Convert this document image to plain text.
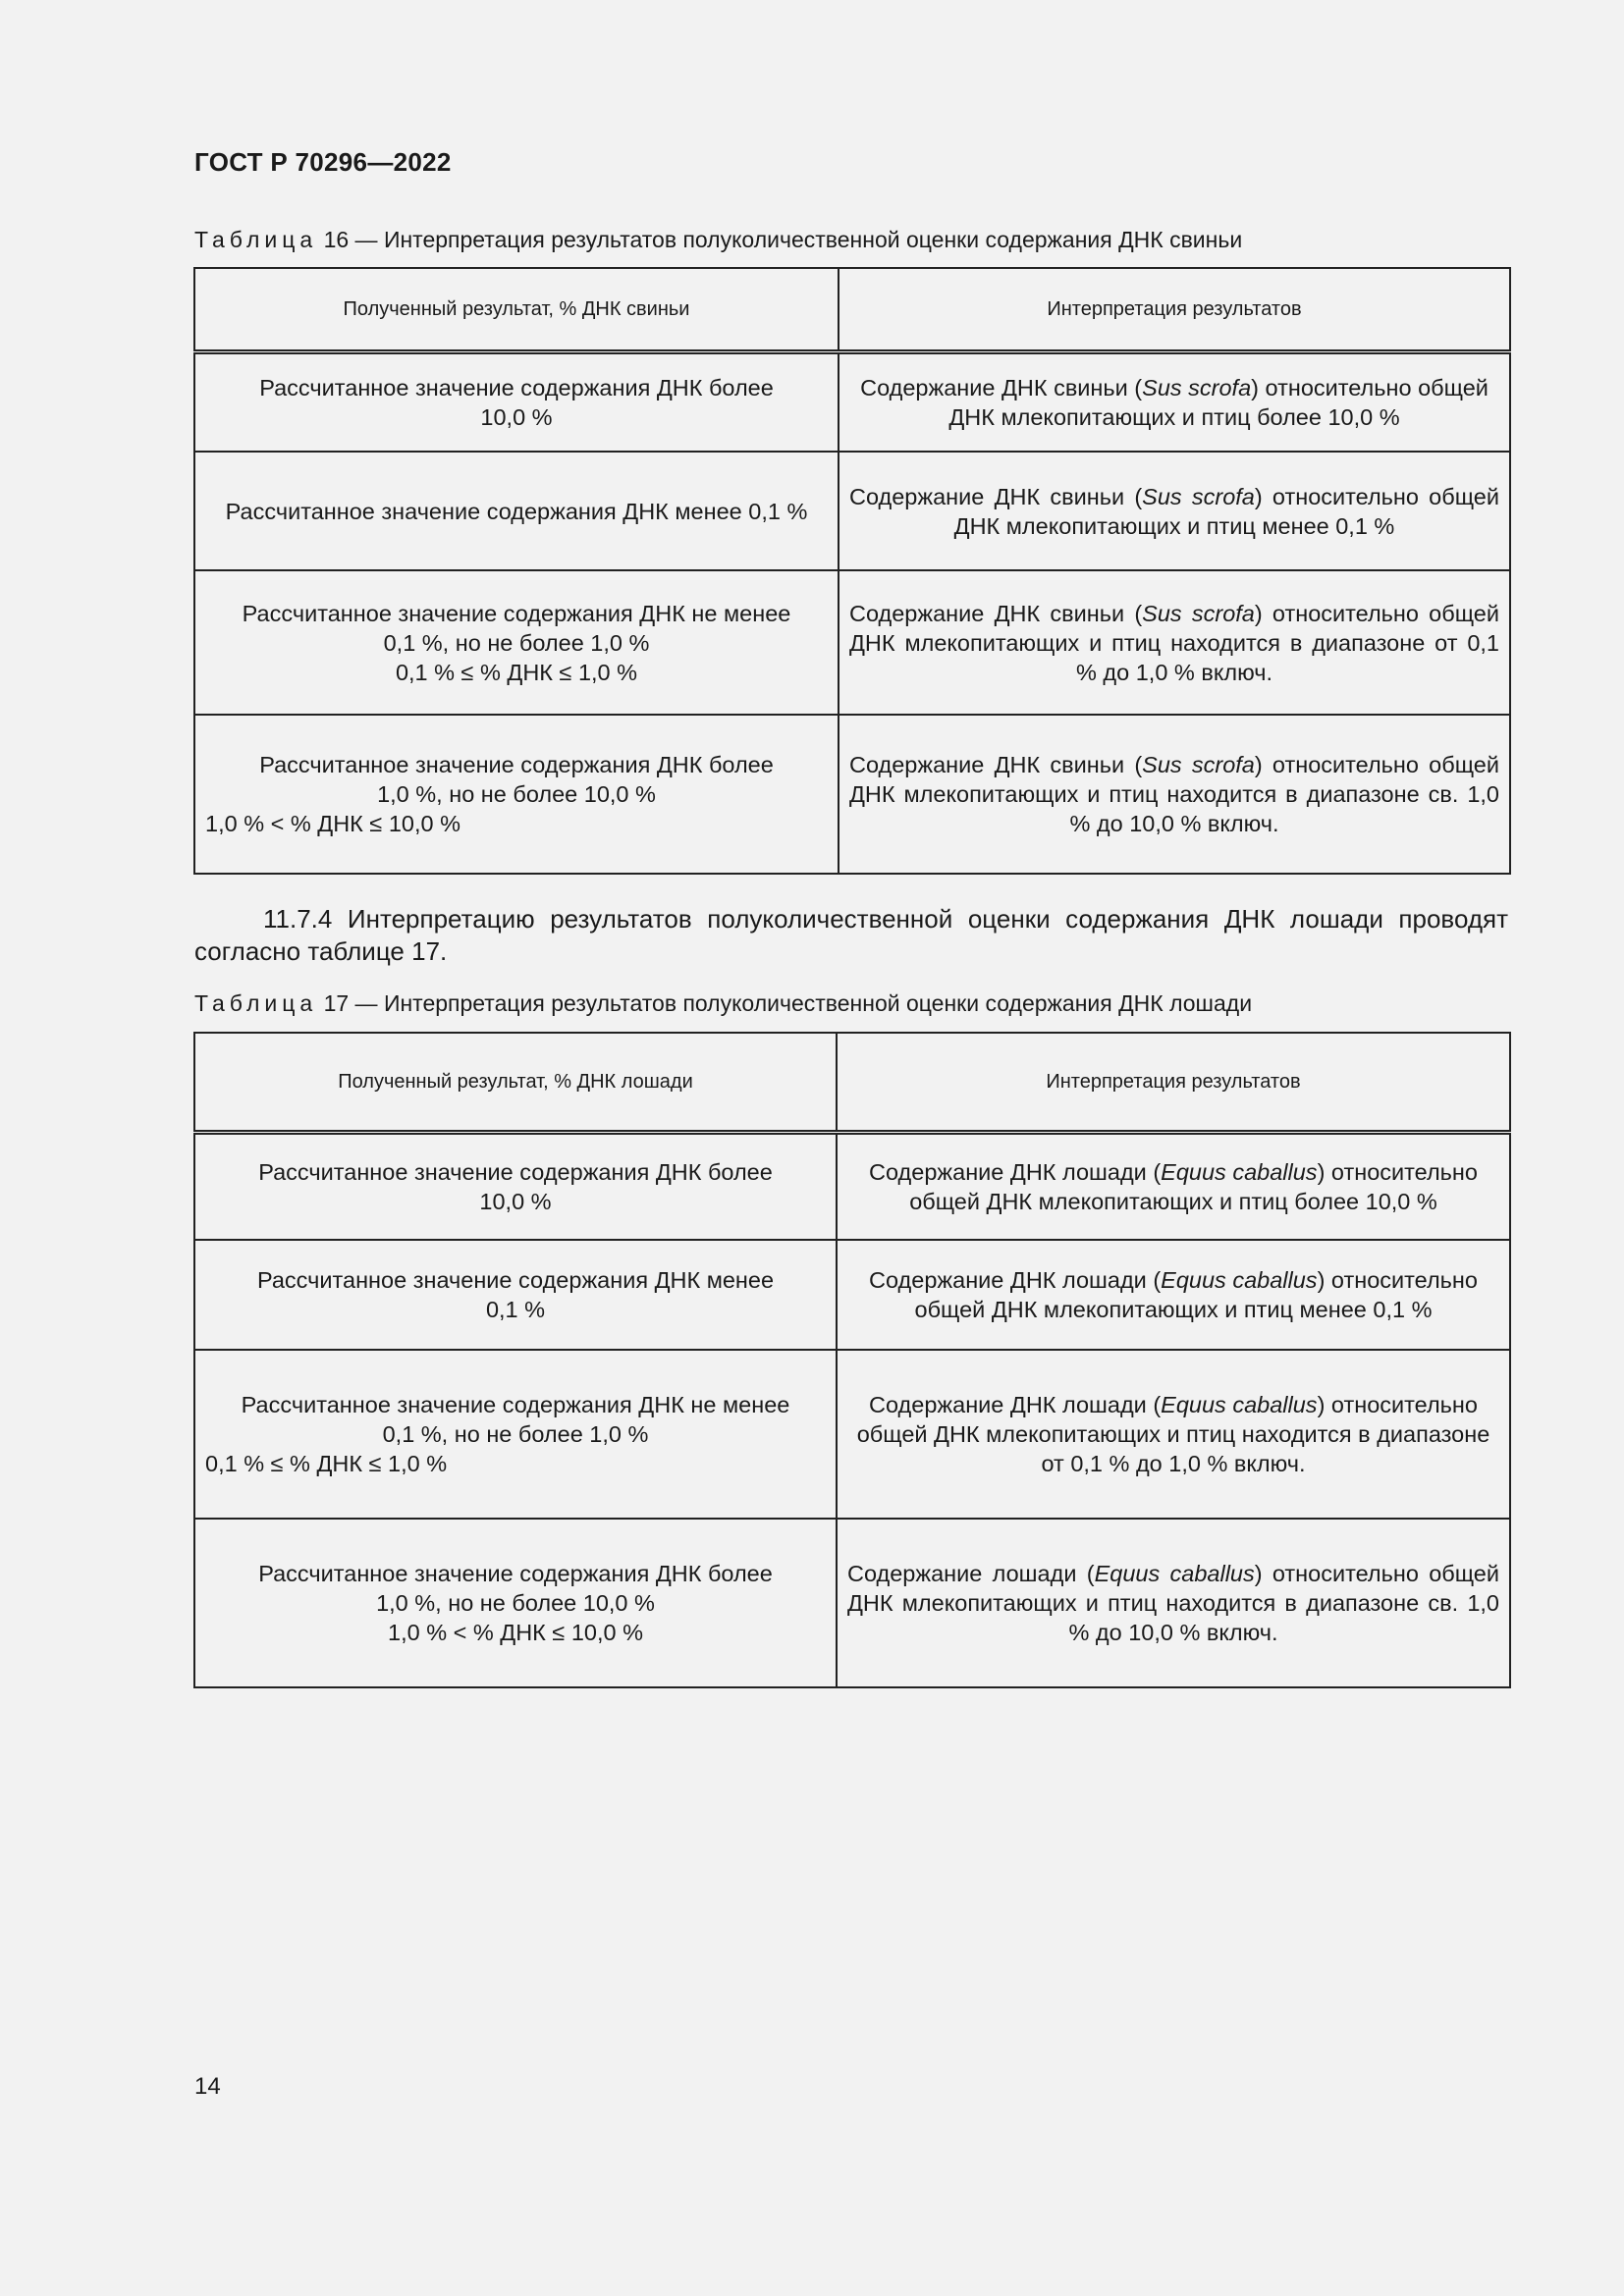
ГОСТ Р 70296—2022
Таблица 16 — Интерпретация результатов полуколичественной оценки содержания ДНК свиньи
Полученный результат, % ДНК свиньи	Интерпретация результатов

Рассчитанное значение содержания ДНК более
10,0 %	Содержание ДНК свиньи (Sus scrofa) относительно общей ДНК млекопитающих и птиц более 10,0 %

Рассчитанное значение содержания ДНК менее 0,1 %	Содержание ДНК свиньи (Sus scrofa) относительно общей ДНК млекопитающих и птиц менее 0,1 %

Рассчитанное значение содержания ДНК не менее
0,1 %, но не более 1,0 %
0,1 % ≤ % ДНК ≤ 1,0 %	Содержание ДНК свиньи (Sus scrofa) относительно общей ДНК млекопитающих и птиц находится в диапазоне от 0,1 % до 1,0 % включ.

Рассчитанное значение содержания ДНК более
1,0 %, но не более 10,0 %
1,0 % < % ДНК ≤ 10,0 %	Содержание ДНК свиньи (Sus scrofa) относительно общей ДНК млекопитающих и птиц находится в диапазоне св. 1,0 % до 10,0 % включ.
11.7.4 Интерпретацию результатов полуколичественной оценки содержания ДНК лошади проводят согласно таблице 17.
Таблица 17 — Интерпретация результатов полуколичественной оценки содержания ДНК лошади
Полученный результат, % ДНК лошади	Интерпретация результатов

Рассчитанное значение содержания ДНК более
10,0 %	Содержание ДНК лошади (Equus caballus) относительно общей ДНК млекопитающих и птиц более 10,0 %

Рассчитанное значение содержания ДНК менее
0,1 %	Содержание ДНК лошади (Equus caballus) относительно общей ДНК млекопитающих и птиц менее 0,1 %

Рассчитанное значение содержания ДНК не менее
0,1 %, но не более 1,0 %
0,1 % ≤ % ДНК ≤ 1,0 %	Содержание ДНК лошади (Equus caballus) относительно общей ДНК млекопитающих и птиц находится в диапазоне от 0,1 % до 1,0 % включ.

Рассчитанное значение содержания ДНК более
1,0 %, но не более 10,0 %
1,0 % < % ДНК ≤ 10,0 %	Содержание лошади (Equus caballus) относительно общей ДНК млекопитающих и птиц находится в диапазоне св. 1,0 % до 10,0 % включ.
14
